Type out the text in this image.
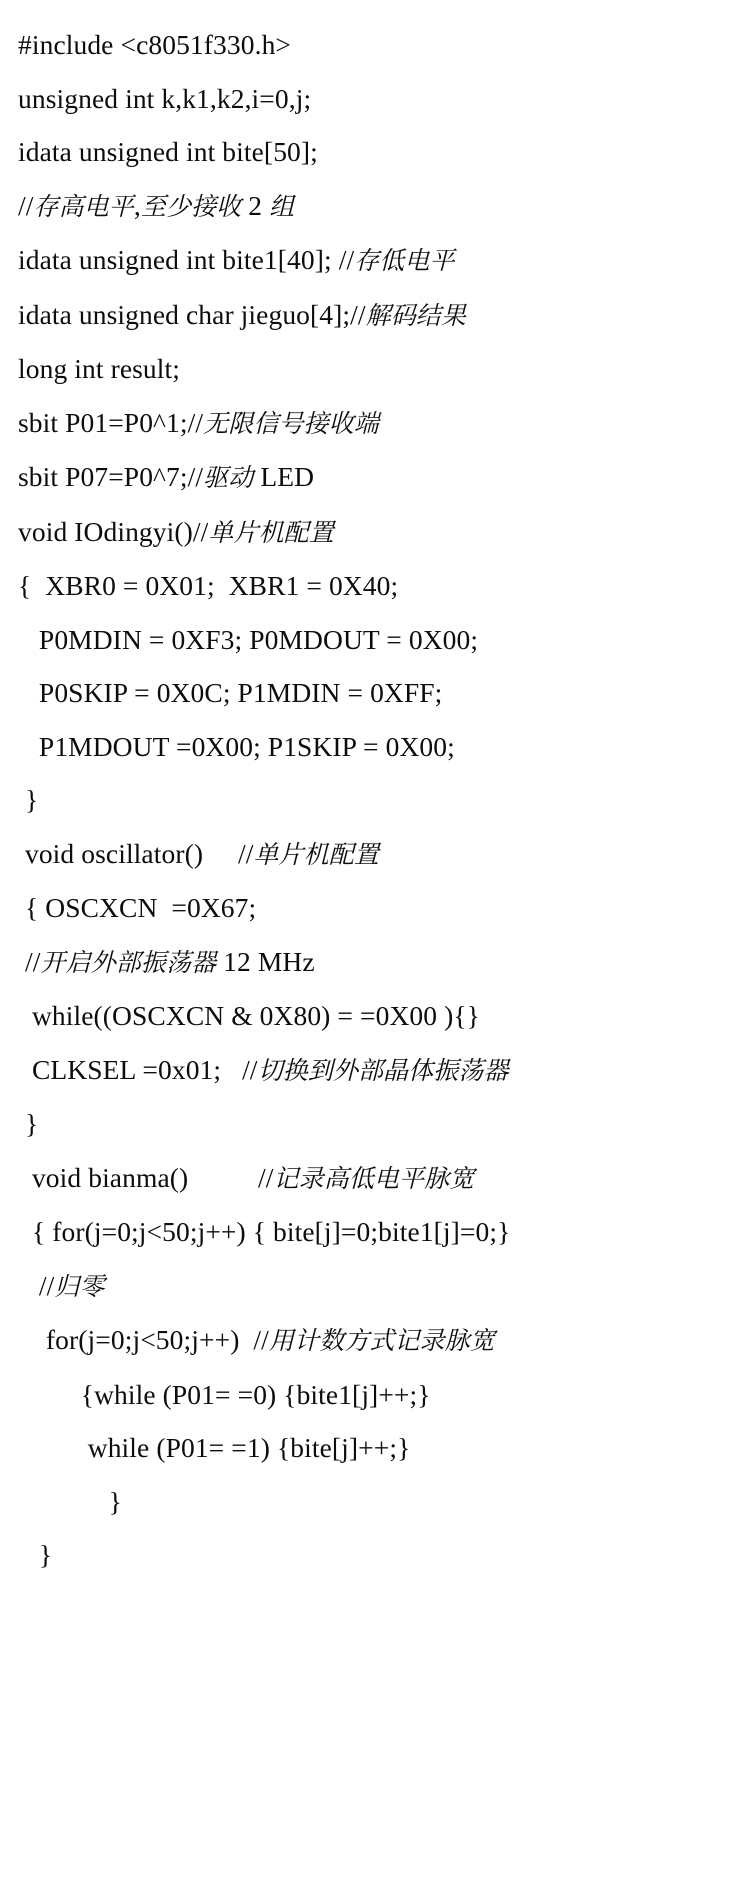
#include <c8051f330.h>
unsigned int k,k1,k2,i=0,j;
idata unsigned int bite[50];
//存高电平,至少接收 2 组
idata unsigned int bite1[40]; //存低电平
idata unsigned char jieguo[4];//解码结果
long int result;
sbit P01=P0^1;//无限信号接收端
sbit P07=P0^7;//驱动 LED
void IOdingyi()//单片机配置
{  XBR0 = 0X01;  XBR1 = 0X40;
P0MDIN = 0XF3; P0MDOUT = 0X00;
P0SKIP = 0X0C; P1MDIN = 0XFF;
P1MDOUT =0X00; P1SKIP = 0X00;
}
void oscillator()     //单片机配置
{ OSCXCN  =0X67;
//开启外部振荡器 12 MHz
while((OSCXCN & 0X80) = =0X00 ){}
CLKSEL =0x01;   //切换到外部晶体振荡器
}
void bianma()          //记录高低电平脉宽
{ for(j=0;j<50;j++) { bite[j]=0;bite1[j]=0;}
//归零
for(j=0;j<50;j++)  //用计数方式记录脉宽
{while (P01= =0) {bite1[j]++;}
while (P01= =1) {bite[j]++;}
}
}
